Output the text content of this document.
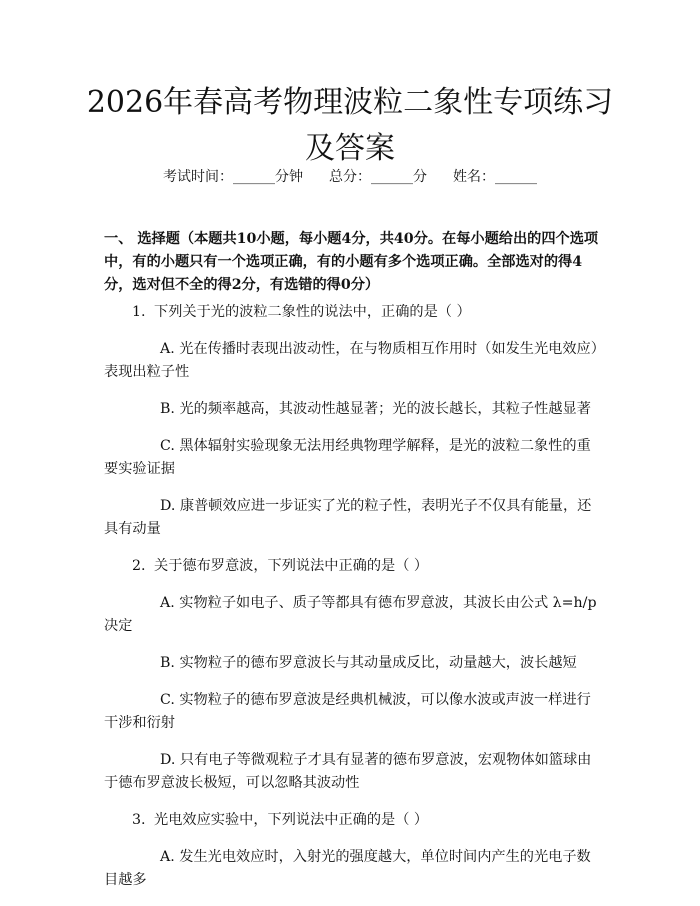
2026年春高考物理波粒二象性专项练习及答案
考试时间：______分钟 总分：______分 姓名：______
一、 选择题（本题共10小题，每小题4分，共40分。在每小题给出的四个选项中，有的小题只有一个选项正确，有的小题有多个选项正确。全部选对的得4分，选对但不全的得2分，有选错的得0分）

1. 下列关于光的波粒二象性的说法中，正确的是（ ）

A. 光在传播时表现出波动性，在与物质相互作用时（如发生光电效应）表现出粒子性

B. 光的频率越高，其波动性越显著；光的波长越长，其粒子性越显著

C. 黑体辐射实验现象无法用经典物理学解释，是光的波粒二象性的重要实验证据

D. 康普顿效应进一步证实了光的粒子性，表明光子不仅具有能量，还具有动量

2. 关于德布罗意波，下列说法中正确的是（ ）

A. 实物粒子如电子、质子等都具有德布罗意波，其波长由公式 λ=h/p 决定

B. 实物粒子的德布罗意波长与其动量成反比，动量越大，波长越短

C. 实物粒子的德布罗意波是经典机械波，可以像水波或声波一样进行干涉和衍射

D. 只有电子等微观粒子才具有显著的德布罗意波，宏观物体如篮球由于德布罗意波长极短，可以忽略其波动性

3. 光电效应实验中，下列说法中正确的是（ ）

A. 发生光电效应时，入射光的强度越大，单位时间内产生的光电子数目越多
